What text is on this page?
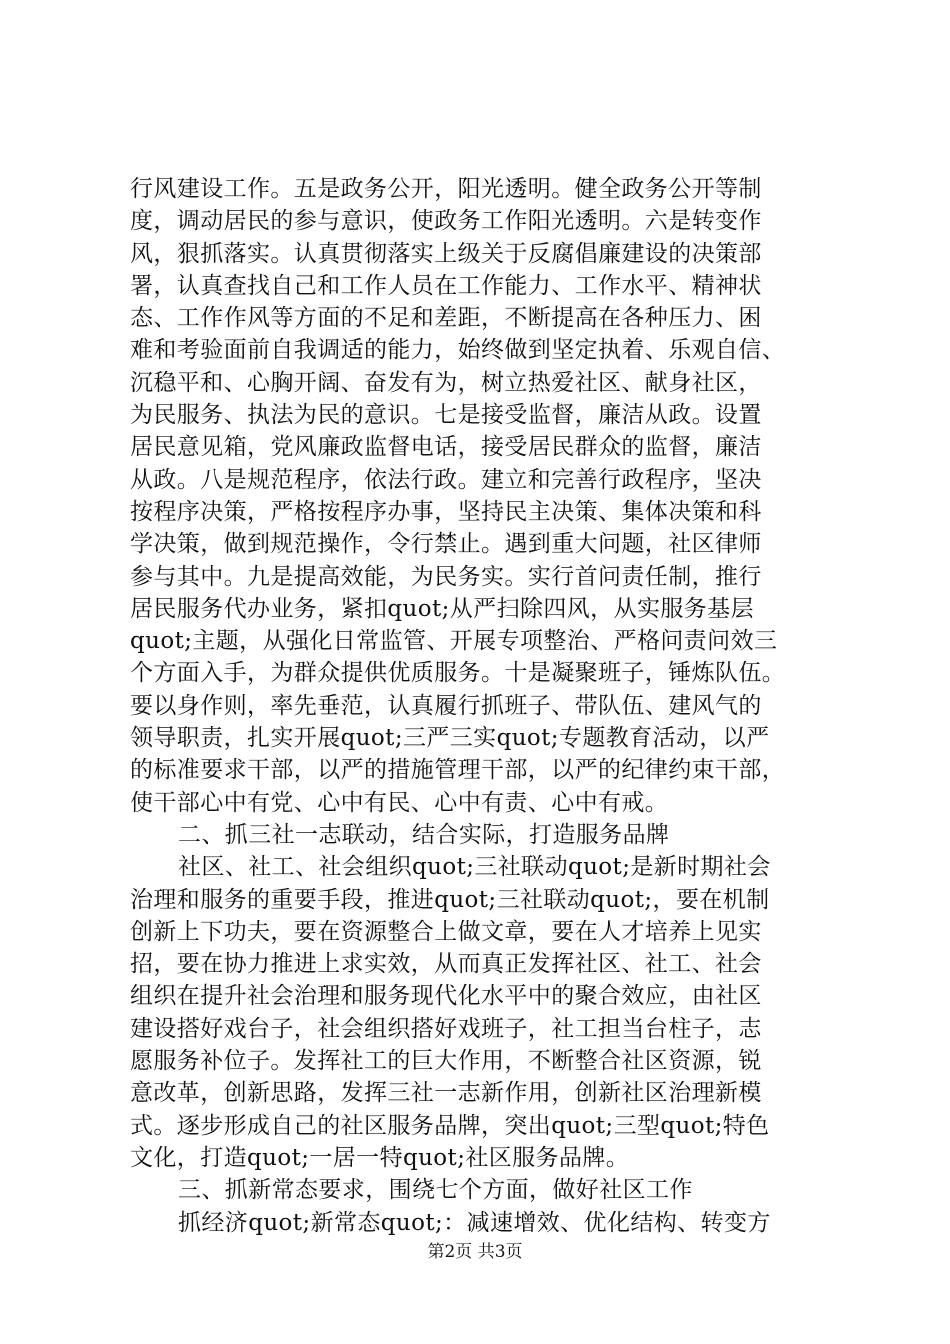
行风建设工作。五是政务公开，阳光透明。健全政务公开等制
度，调动居民的参与意识，使政务工作阳光透明。六是转变作
风，狠抓落实。认真贯彻落实上级关于反腐倡廉建设的决策部
署，认真查找自己和工作人员在工作能力、工作水平、精神状
态、工作作风等方面的不足和差距，不断提高在各种压力、困
难和考验面前自我调适的能力，始终做到坚定执着、乐观自信、
沉稳平和、心胸开阔、奋发有为，树立热爱社区、献身社区，
为民服务、执法为民的意识。七是接受监督，廉洁从政。设置
居民意见箱，党风廉政监督电话，接受居民群众的监督，廉洁
从政。八是规范程序，依法行政。建立和完善行政程序，坚决
按程序决策，严格按程序办事，坚持民主决策、集体决策和科
学决策，做到规范操作，令行禁止。遇到重大问题，社区律师
参与其中。九是提高效能，为民务实。实行首问责任制，推行
居民服务代办业务，紧扣quot;从严扫除四风，从实服务基层
quot;主题，从强化日常监管、开展专项整治、严格问责问效三
个方面入手，为群众提供优质服务。十是凝聚班子，锤炼队伍。
要以身作则，率先垂范，认真履行抓班子、带队伍、建风气的
领导职责，扎实开展quot;三严三实quot;专题教育活动，以严
的标准要求干部，以严的措施管理干部，以严的纪律约束干部，
使干部心中有党、心中有民、心中有责、心中有戒。
二、抓三社一志联动，结合实际，打造服务品牌
社区、社工、社会组织quot;三社联动quot;是新时期社会
治理和服务的重要手段，推进quot;三社联动quot;，要在机制
创新上下功夫，要在资源整合上做文章，要在人才培养上见实
招，要在协力推进上求实效，从而真正发挥社区、社工、社会
组织在提升社会治理和服务现代化水平中的聚合效应，由社区
建设搭好戏台子，社会组织搭好戏班子，社工担当台柱子，志
愿服务补位子。发挥社工的巨大作用，不断整合社区资源，锐
意改革，创新思路，发挥三社一志新作用，创新社区治理新模
式。逐步形成自己的社区服务品牌，突出quot;三型quot;特色
文化，打造quot;一居一特quot;社区服务品牌。
三、抓新常态要求，围绕七个方面，做好社区工作
抓经济quot;新常态quot;：减速增效、优化结构、转变方
第2页 共3页
